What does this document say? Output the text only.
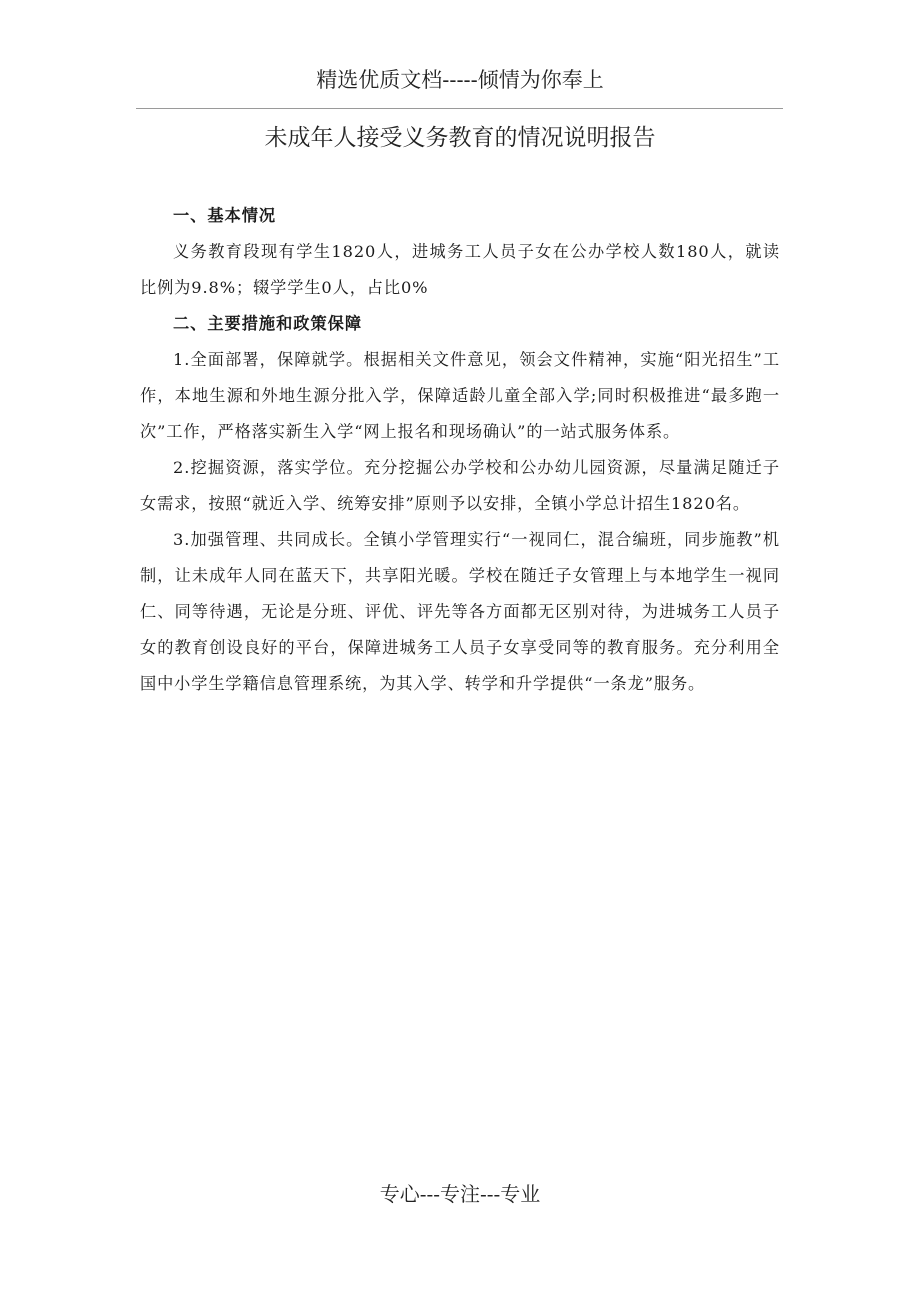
精选优质文档-----倾情为你奉上
未成年人接受义务教育的情况说明报告

一、基本情况

义务教育段现有学生1820人，进城务工人员子女在公办学校人数180人，就读比例为9.8%；辍学学生0人，占比0%

二、主要措施和政策保障

1.全面部署，保障就学。根据相关文件意见，领会文件精神，实施“阳光招生”工作，本地生源和外地生源分批入学，保障适龄儿童全部入学;同时积极推进“最多跑一次”工作，严格落实新生入学“网上报名和现场确认”的一站式服务体系。

2.挖掘资源，落实学位。充分挖掘公办学校和公办幼儿园资源，尽量满足随迁子女需求，按照“就近入学、统筹安排”原则予以安排，全镇小学总计招生1820名。

3.加强管理、共同成长。全镇小学管理实行“一视同仁，混合编班，同步施教”机制，让未成年人同在蓝天下，共享阳光暖。学校在随迁子女管理上与本地学生一视同仁、同等待遇，无论是分班、评优、评先等各方面都无区别对待，为进城务工人员子女的教育创设良好的平台，保障进城务工人员子女享受同等的教育服务。充分利用全国中小学生学籍信息管理系统，为其入学、转学和升学提供“一条龙”服务。

专心---专注---专业
